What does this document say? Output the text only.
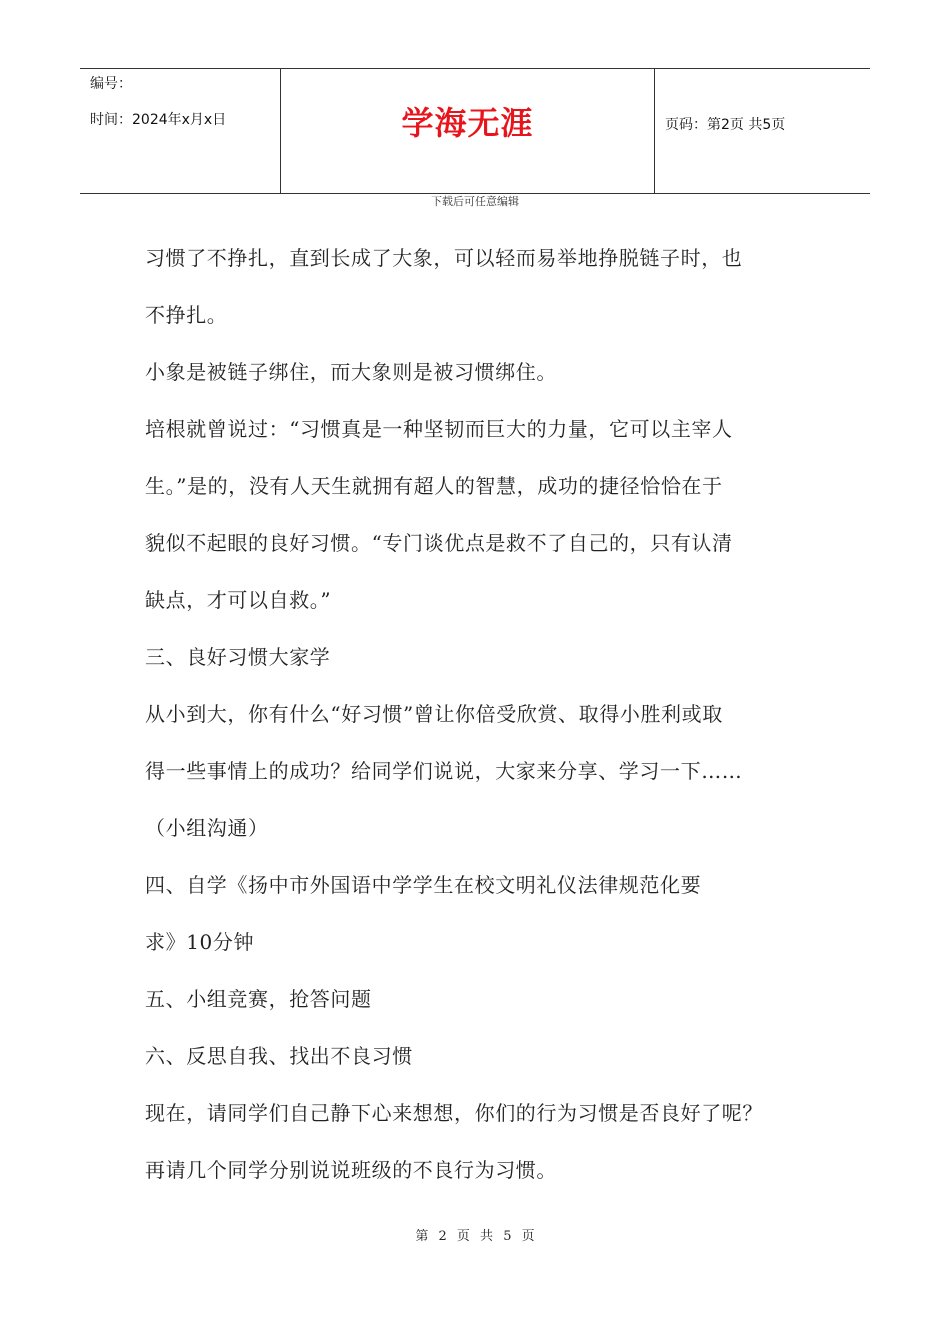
编号：
时间：2024年x月x日	学海无涯	页码：第2页 共5页
下载后可任意编辑
习惯了不挣扎，直到长成了大象，可以轻而易举地挣脱链子时，也
不挣扎。
小象是被链子绑住，而大象则是被习惯绑住。
培根就曾说过：“习惯真是一种坚韧而巨大的力量，它可以主宰人
生。”是的，没有人天生就拥有超人的智慧，成功的捷径恰恰在于
貌似不起眼的良好习惯。“专门谈优点是救不了自己的，只有认清
缺点，才可以自救。”
三、良好习惯大家学
从小到大，你有什么“好习惯”曾让你倍受欣赏、取得小胜利或取
得一些事情上的成功？给同学们说说，大家来分享、学习一下……
（小组沟通）
四、自学《扬中市外国语中学学生在校文明礼仪法律规范化要
求》10分钟
五、小组竞赛，抢答问题
六、反思自我、找出不良习惯
现在，请同学们自己静下心来想想，你们的行为习惯是否良好了呢？
再请几个同学分别说说班级的不良行为习惯。
第 2 页 共 5 页
